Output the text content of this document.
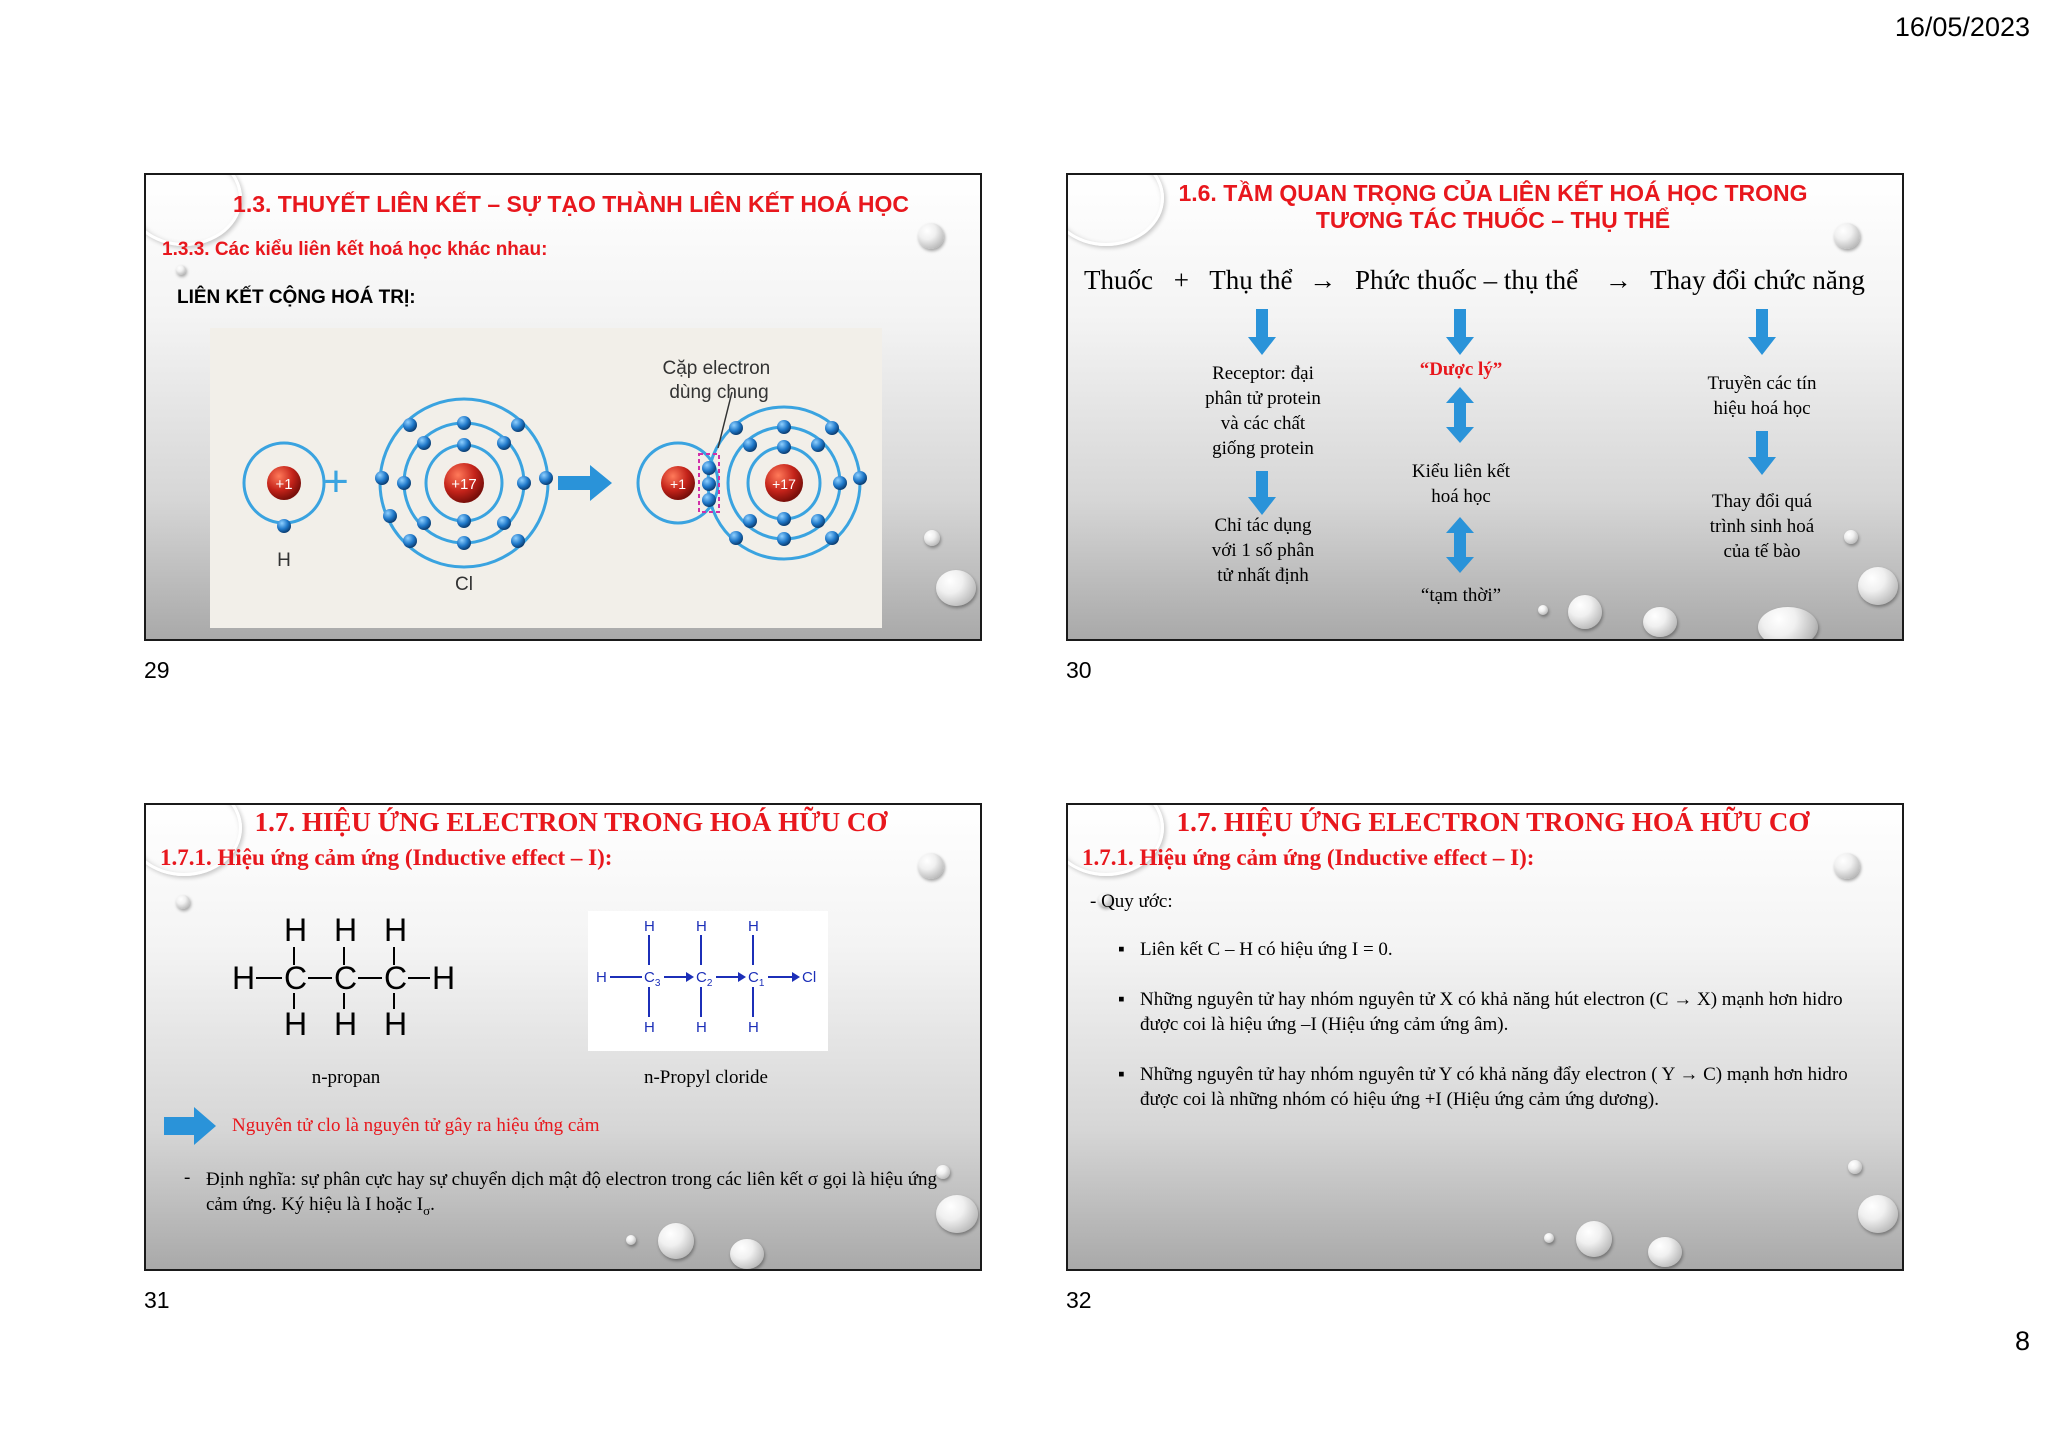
16/05/2023
1.3. THUYẾT LIÊN KẾT – SỰ TẠO THÀNH LIÊN KẾT HOÁ HỌC
1.3.3. Các kiểu liên kết hoá học khác nhau:
LIÊN KẾT CỘNG HOÁ TRỊ:
+1
H
+	+17
Cl
+1	+17
Cặp electron dùng chung
29
1.6. TẦM QUAN TRỌNG CỦA LIÊN KẾT HOÁ HỌC TRONG
TƯƠNG TÁC THUỐC – THỤ THỂ
Thuốc + Thụ thể → Phức thuốc – thụ thể → Thay đổi chức năng
Receptor: đại
phân tử protein
và các chất
giống protein
Chỉ tác dụng
với 1 số phân
tử nhất định
“Dược lý”
Kiểu liên kết
hoá học
“tạm thời”
Truyền các tín
hiệu hoá học
Thay đổi quá
trình sinh hoá
của tế bào
30
1.7. HIỆU ỨNG ELECTRON TRONG HOÁ HỮU CƠ
1.7.1. Hiệu ứng cảm ứng (Inductive effect – I):
H H H
H C C C H
H H H
n-propan
H	H	H
H	H	H
H $C_3$ $C_2$ $C_1$	Cl
n-Propyl cloride
Nguyên tử clo là nguyên tử gây ra hiệu ứng cảm
- Định nghĩa: sự phân cực hay sự chuyển dịch mật độ electron trong các liên kết σ gọi là hiệu ứng cảm ứng. Ký hiệu là I hoặc $I_\sigma$.
31
1.7. HIỆU ỨNG ELECTRON TRONG HOÁ HỮU CƠ
1.7.1. Hiệu ứng cảm ứng (Inductive effect – I):
- Quy ước:
▪ Liên kết C – H có hiệu ứng I = 0.
▪ Những nguyên tử hay nhóm nguyên tử X có khả năng hút electron (C → X) mạnh hơn hidro được coi là hiệu ứng –I (Hiệu ứng cảm ứng âm).
▪ Những nguyên tử hay nhóm nguyên tử Y có khả năng đẩy electron ( Y → C) mạnh hơn hidro được coi là những nhóm có hiệu ứng +I (Hiệu ứng cảm ứng dương).
32
8
